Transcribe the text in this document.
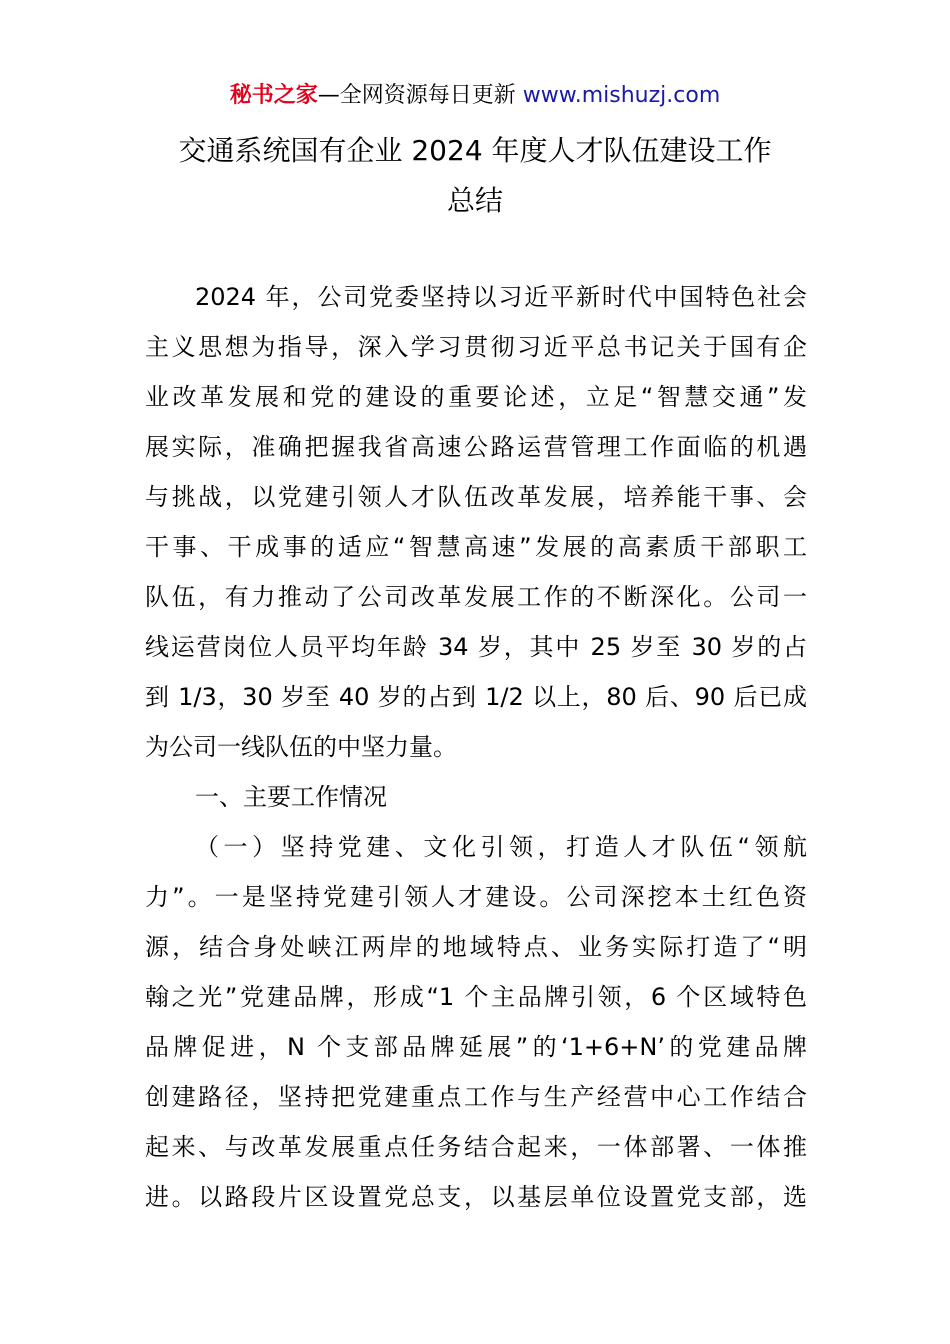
秘书之家—全网资源每日更新 www.mishuzj.com
交通系统国有企业 2024 年度人才队伍建设工作
总结
2024 年，公司党委坚持以习近平新时代中国特色社会
主义思想为指导，深入学习贯彻习近平总书记关于国有企
业改革发展和党的建设的重要论述，立足“智慧交通”发
展实际，准确把握我省高速公路运营管理工作面临的机遇
与挑战，以党建引领人才队伍改革发展，培养能干事、会
干事、干成事的适应“智慧高速”发展的高素质干部职工
队伍，有力推动了公司改革发展工作的不断深化。公司一
线运营岗位人员平均年龄 34 岁，其中 25 岁至 30 岁的占
到 1/3，30 岁至 40 岁的占到 1/2 以上，80 后、90 后已成
为公司一线队伍的中坚力量。
一、主要工作情况
（一）坚持党建、文化引领，打造人才队伍“领航
力”。一是坚持党建引领人才建设。公司深挖本土红色资
源，结合身处峡江两岸的地域特点、业务实际打造了“明
翰之光”党建品牌，形成“1 个主品牌引领，6 个区域特色
品牌促进，N 个支部品牌延展”的‘1+6+N’的党建品牌
创建路径，坚持把党建重点工作与生产经营中心工作结合
起来、与改革发展重点任务结合起来，一体部署、一体推
进。以路段片区设置党总支，以基层单位设置党支部，选
